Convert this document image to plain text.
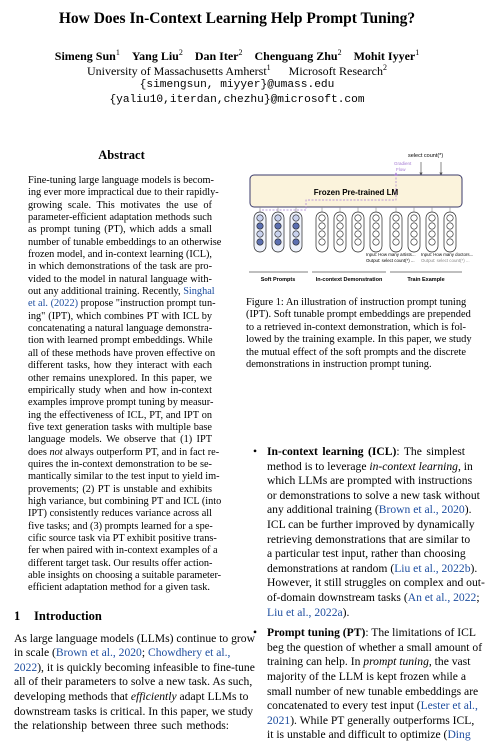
How Does In-Context Learning Help Prompt Tuning?
Simeng Sun$^1$ Yang Liu$^2$ Dan Iter$^2$ Chenguang Zhu$^2$ Mohit Iyyer$^1$
University of Massachusetts Amherst$^1$ Microsoft Research$^2$
{simengsun, miyyer}@umass.edu
{yaliu10,iterdan,chezhu}@microsoft.com
Abstract
Fine-tuning large language models is becom-
ing ever more impractical due to their rapidly-
growing scale. This motivates the use of
parameter-efficient adaptation methods such
as prompt tuning (PT), which adds a small
number of tunable embeddings to an otherwise
frozen model, and in-context learning (ICL),
in which demonstrations of the task are pro-
vided to the model in natural language with-
out any additional training. Recently, Singhal
et al. (2022) propose "instruction prompt tun-
ing" (IPT), which combines PT with ICL by
concatenating a natural language demonstra-
tion with learned prompt embeddings. While
all of these methods have proven effective on
different tasks, how they interact with each
other remains unexplored. In this paper, we
empirically study when and how in-context
examples improve prompt tuning by measur-
ing the effectiveness of ICL, PT, and IPT on
five text generation tasks with multiple base
language models. We observe that (1) IPT
does not always outperform PT, and in fact re-
quires the in-context demonstration to be se-
mantically similar to the test input to yield im-
provements; (2) PT is unstable and exhibits
high variance, but combining PT and ICL (into
IPT) consistently reduces variance across all
five tasks; and (3) prompts learned for a spe-
cific source task via PT exhibit positive trans-
fer when paired with in-context examples of a
different target task. Our results offer action-
able insights on choosing a suitable parameter-
efficient adaptation method for a given task.
1 Introduction
As large language models (LLMs) continue to grow
in scale (Brown et al., 2020; Chowdhery et al.,
2022), it is quickly becoming infeasible to fine-tune
all of their parameters to solve a new task. As such,
developing methods that efficiently adapt LLMs to
downstream tasks is critical. In this paper, we study
the relationship between three such methods:
select count(*)
Gradient Flow
Frozen Pre-trained LM
Input: How many artists...
Output: select count(*) ...
Input: How many doctors...
Output: select count(*) ...
Soft Prompts	In-context Demonstration	Train Example
Figure 1: An illustration of instruction prompt tuning
(IPT). Soft tunable prompt embeddings are prepended
to a retrieved in-context demonstration, which is fol-
lowed by the training example. In this paper, we study
the mutual effect of the soft prompts and the discrete
demonstrations in instruction prompt tuning.
• In-context learning (ICL): The simplest
method is to leverage in-context learning, in
which LLMs are prompted with instructions
or demonstrations to solve a new task without
any additional training (Brown et al., 2020).
ICL can be further improved by dynamically
retrieving demonstrations that are similar to
a particular test input, rather than choosing
demonstrations at random (Liu et al., 2022b).
However, it still struggles on complex and out-
of-domain downstream tasks (An et al., 2022;
Liu et al., 2022a).
• Prompt tuning (PT): The limitations of ICL
beg the question of whether a small amount of
training can help. In prompt tuning, the vast
majority of the LLM is kept frozen while a
small number of new tunable embeddings are
concatenated to every test input (Lester et al.,
2021). While PT generally outperforms ICL,
it is unstable and difficult to optimize (Ding
